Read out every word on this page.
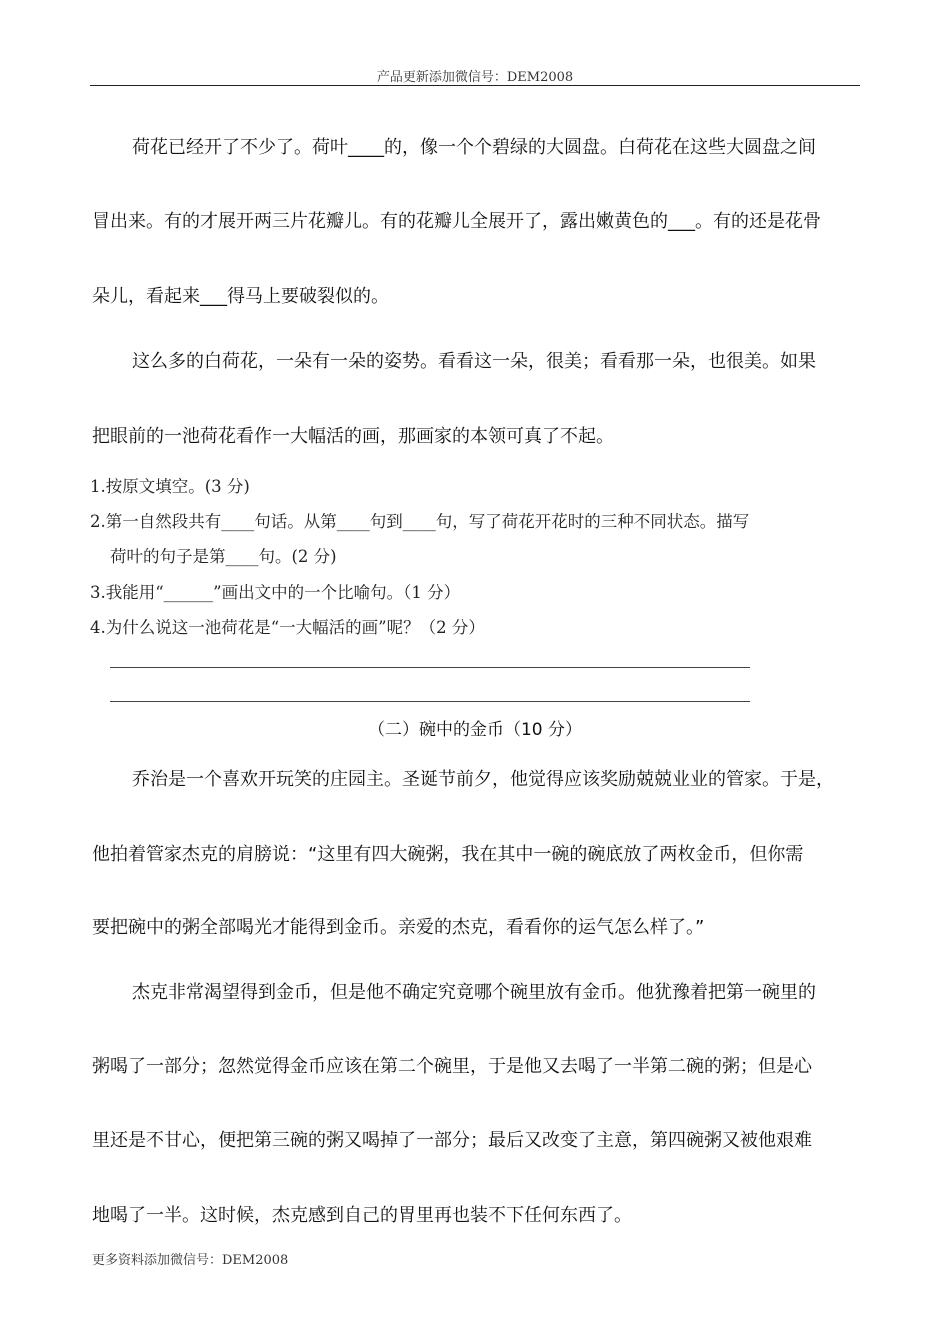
产品更新添加微信号：DEM2008
荷花已经开了不少了。荷叶____的，像一个个碧绿的大圆盘。白荷花在这些大圆盘之间
冒出来。有的才展开两三片花瓣儿。有的花瓣儿全展开了，露出嫩黄色的___。有的还是花骨
朵儿，看起来___得马上要破裂似的。
这么多的白荷花，一朵有一朵的姿势。看看这一朵，很美；看看那一朵，也很美。如果
把眼前的一池荷花看作一大幅活的画，那画家的本领可真了不起。
1.按原文填空。(3 分)
2.第一自然段共有____句话。从第____句到____句，写了荷花开花时的三种不同状态。描写
荷叶的句子是第____句。(2 分)
3.我能用“______”画出文中的一个比喻句。（1 分）
4.为什么说这一池荷花是“一大幅活的画”呢？（2 分）
（二）碗中的金币（10 分）
乔治是一个喜欢开玩笑的庄园主。圣诞节前夕，他觉得应该奖励兢兢业业的管家。于是，
他拍着管家杰克的肩膀说：“这里有四大碗粥，我在其中一碗的碗底放了两枚金币，但你需
要把碗中的粥全部喝光才能得到金币。亲爱的杰克，看看你的运气怎么样了。”
杰克非常渴望得到金币，但是他不确定究竟哪个碗里放有金币。他犹豫着把第一碗里的
粥喝了一部分；忽然觉得金币应该在第二个碗里，于是他又去喝了一半第二碗的粥；但是心
里还是不甘心，便把第三碗的粥又喝掉了一部分；最后又改变了主意，第四碗粥又被他艰难
地喝了一半。这时候，杰克感到自己的胃里再也装不下任何东西了。
更多资料添加微信号：DEM2008
